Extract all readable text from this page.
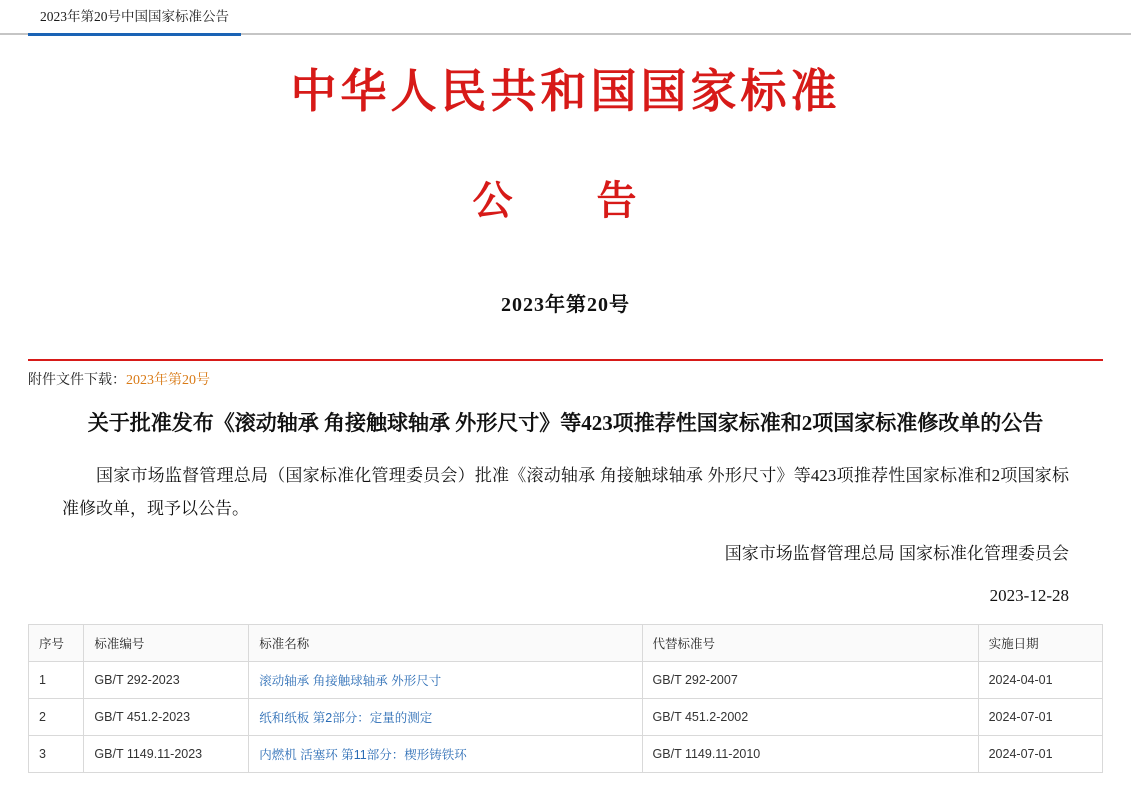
2023年第20号中国国家标准公告
中华人民共和国国家标准
公　告
2023年第20号
附件文件下载：2023年第20号
关于批准发布《滚动轴承 角接触球轴承 外形尺寸》等423项推荐性国家标准和2项国家标准修改单的公告
国家市场监督管理总局（国家标准化管理委员会）批准《滚动轴承 角接触球轴承 外形尺寸》等423项推荐性国家标准和2项国家标准修改单，现予以公告。
国家市场监督管理总局 国家标准化管理委员会
2023-12-28
序号	标准编号	标准名称	代替标准号	实施日期
1	GB/T 292-2023	滚动轴承 角接触球轴承 外形尺寸	GB/T 292-2007	2024-04-01
2	GB/T 451.2-2023	纸和纸板 第2部分：定量的测定	GB/T 451.2-2002	2024-07-01
3	GB/T 1149.11-2023	内燃机 活塞环 第11部分：楔形铸铁环	GB/T 1149.11-2010	2024-07-01
